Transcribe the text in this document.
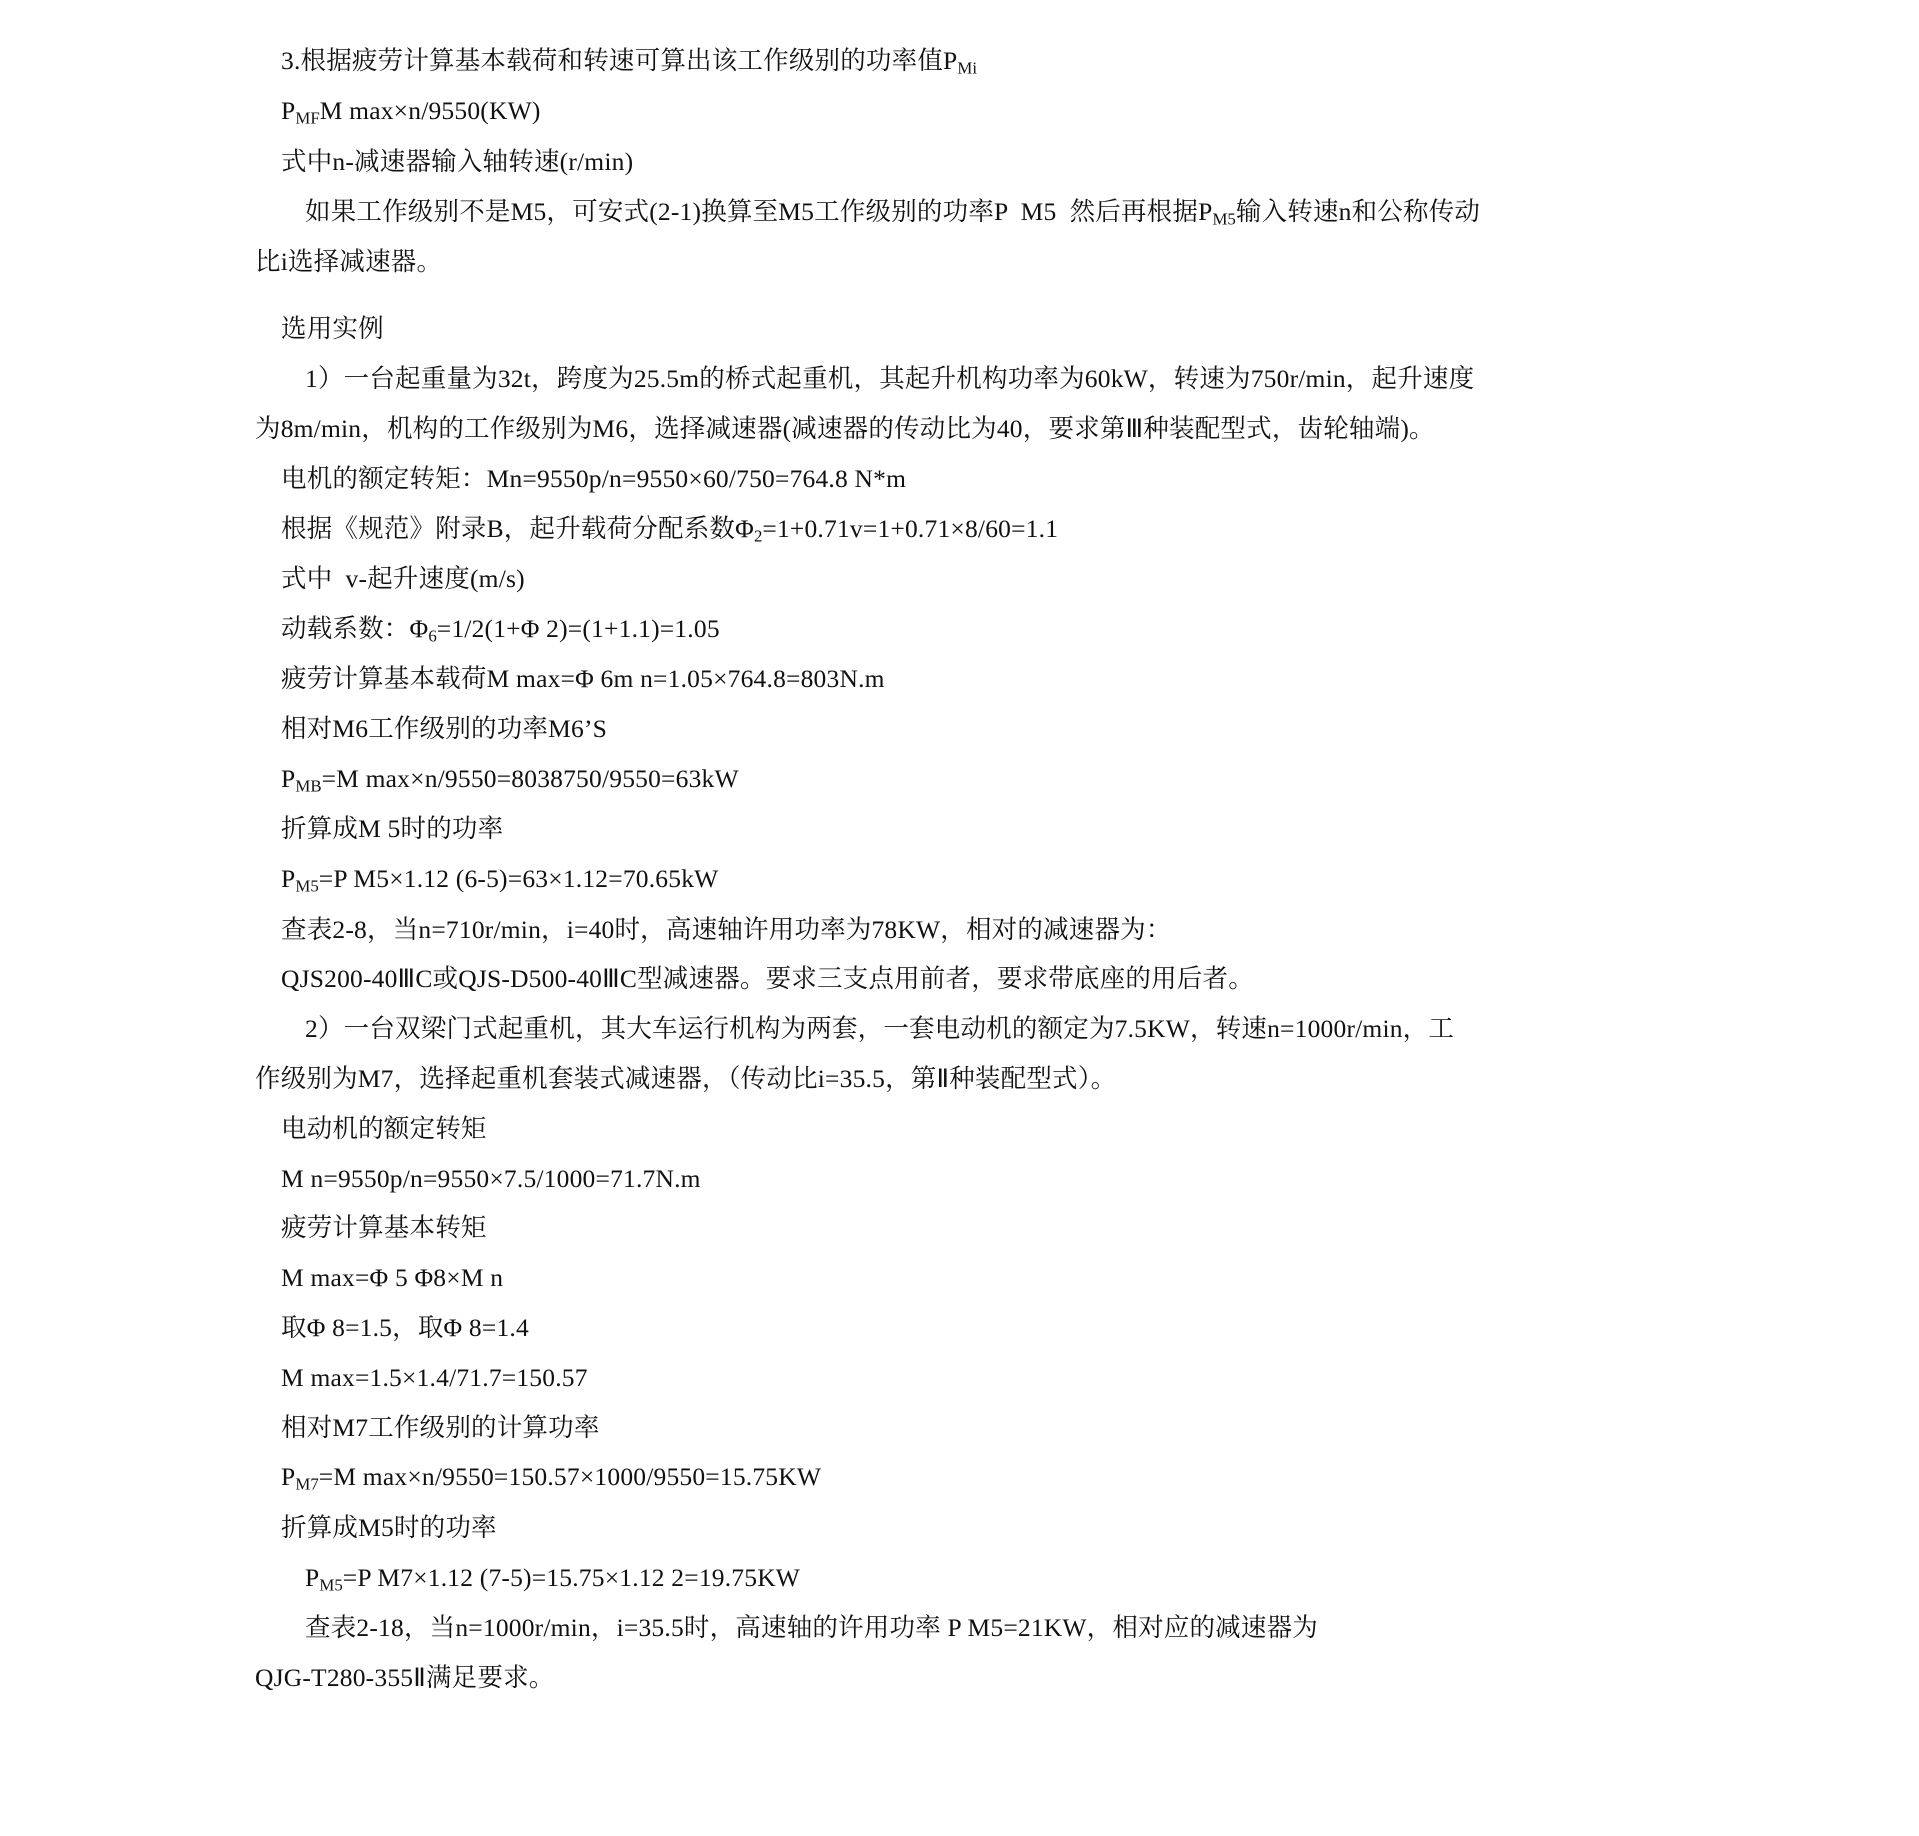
3.根据疲劳计算基本载荷和转速可算出该工作级别的功率值$P_{Mi}$

$P_{MF}M$ max×n/9550(KW)

式中n-减速器输入轴转速(r/min)

如果工作级别不是M5，可安式(2-1)换算至M5工作级别的功率P  M5  然后再根据$P_{M5}$输入转速n和公称传动

比i选择减速器。

选用实例

1）一台起重量为32t，跨度为25.5m的桥式起重机，其起升机构功率为60kW，转速为750r/min，起升速度

为8m/min，机构的工作级别为M6，选择减速器(减速器的传动比为40，要求第Ⅲ种装配型式，齿轮轴端)。

电机的额定转矩：Mn=9550p/n=9550×60/750=764.8 N*m

根据《规范》附录B，起升载荷分配系数$\Phi_2=1+0.71v=1+0.71\times 8/60=1.1$

式中  v-起升速度(m/s)

动载系数：$\Phi_6=1/2(1+\Phi$ 2)=(1+1.1)=1.05

疲劳计算基本载荷M max=Φ 6m n=1.05×764.8=803N.m

相对M6工作级别的功率M6’S

$P_{MB}=M$ max×n/9550=8038750/9550=63kW

折算成M 5时的功率

$P_{M5}=P$ M5×1.12 (6-5)=63×1.12=70.65kW

查表2-8，当n=710r/min，i=40时，高速轴许用功率为78KW，相对的减速器为：

QJS200-40ⅢC或QJS-D500-40ⅢC型减速器。要求三支点用前者，要求带底座的用后者。

2）一台双梁门式起重机，其大车运行机构为两套，一套电动机的额定为7.5KW，转速n=1000r/min，工

作级别为M7，选择起重机套装式减速器，（传动比i=35.5，第Ⅱ种装配型式）。

电动机的额定转矩

M n=9550p/n=9550×7.5/1000=71.7N.m

疲劳计算基本转矩

M max=Φ 5 Φ8×M n

取Φ 8=1.5，取Φ 8=1.4

M max=1.5×1.4/71.7=150.57

相对M7工作级别的计算功率

$P_{M7}=M$ max×n/9550=150.57×1000/9550=15.75KW

折算成M5时的功率

$P_{M5}=P$ M7×1.12 (7-5)=15.75×1.12 2=19.75KW

查表2-18，当n=1000r/min，i=35.5时，高速轴的许用功率 P M5=21KW，相对应的减速器为

QJG-T280-355Ⅱ满足要求。
